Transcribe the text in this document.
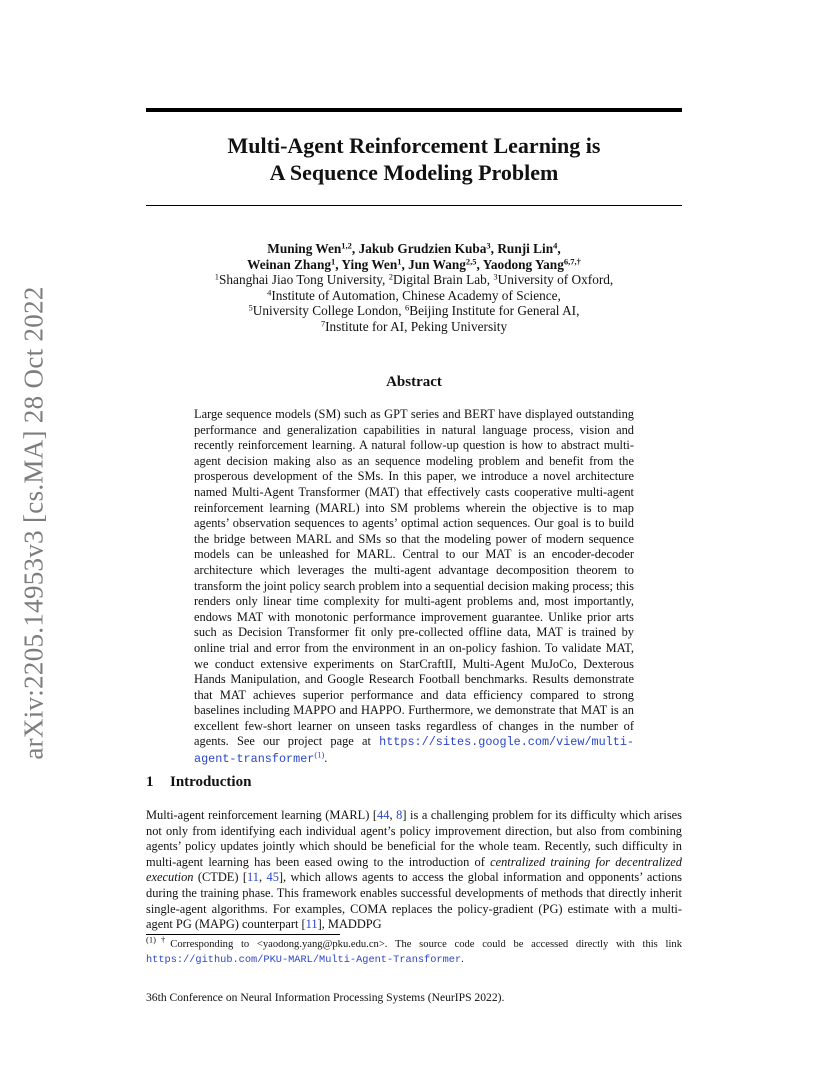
arXiv:2205.14953v3 [cs.MA] 28 Oct 2022
Multi-Agent Reinforcement Learning is
A Sequence Modeling Problem
Muning Wen$^{1,2}$, Jakub Grudzien Kuba$^3$, Runji Lin$^4$,
Weinan Zhang$^1$, Ying Wen$^1$, Jun Wang$^{2,5}$, Yaodong Yang$^{6,7,\dagger}$
$^1$Shanghai Jiao Tong University, $^2$Digital Brain Lab, $^3$University of Oxford,
$^4$Institute of Automation, Chinese Academy of Science,
$^5$University College London, $^6$Beijing Institute for General AI,
$^7$Institute for AI, Peking University
Abstract
Large sequence models (SM) such as GPT series and BERT have displayed outstanding performance and generalization capabilities in natural language process, vision and recently reinforcement learning. A natural follow-up question is how to abstract multi-agent decision making also as an sequence modeling problem and benefit from the prosperous development of the SMs. In this paper, we introduce a novel architecture named Multi-Agent Transformer (MAT) that effectively casts cooperative multi-agent reinforcement learning (MARL) into SM problems wherein the objective is to map agents’ observation sequences to agents’ optimal action sequences. Our goal is to build the bridge between MARL and SMs so that the modeling power of modern sequence models can be unleashed for MARL. Central to our MAT is an encoder-decoder architecture which leverages the multi-agent advantage decomposition theorem to transform the joint policy search problem into a sequential decision making process; this renders only linear time complexity for multi-agent problems and, most importantly, endows MAT with monotonic performance improvement guarantee. Unlike prior arts such as Decision Transformer fit only pre-collected offline data, MAT is trained by online trial and error from the environment in an on-policy fashion. To validate MAT, we conduct extensive experiments on StarCraftII, Multi-Agent MuJoCo, Dexterous Hands Manipulation, and Google Research Football benchmarks. Results demonstrate that MAT achieves superior performance and data efficiency compared to strong baselines including MAPPO and HAPPO. Furthermore, we demonstrate that MAT is an excellent few-short learner on unseen tasks regardless of changes in the number of agents. See our project page at https://sites.google.com/view/multi-agent-transformer$^{(1)}$.
1 Introduction
Multi-agent reinforcement learning (MARL) [44, 8] is a challenging problem for its difficulty which arises not only from identifying each individual agent’s policy improvement direction, but also from combining agents’ policy updates jointly which should be beneficial for the whole team. Recently, such difficulty in multi-agent learning has been eased owing to the introduction of centralized training for decentralized execution (CTDE) [11, 45], which allows agents to access the global information and opponents’ actions during the training phase. This framework enables successful developments of methods that directly inherit single-agent algorithms. For examples, COMA replaces the policy-gradient (PG) estimate with a multi-agent PG (MAPG) counterpart [11], MADDPG
$^{(1)\dagger}$Corresponding to <yaodong.yang@pku.edu.cn>. The source code could be accessed directly with this link https://github.com/PKU-MARL/Multi-Agent-Transformer.
36th Conference on Neural Information Processing Systems (NeurIPS 2022).
